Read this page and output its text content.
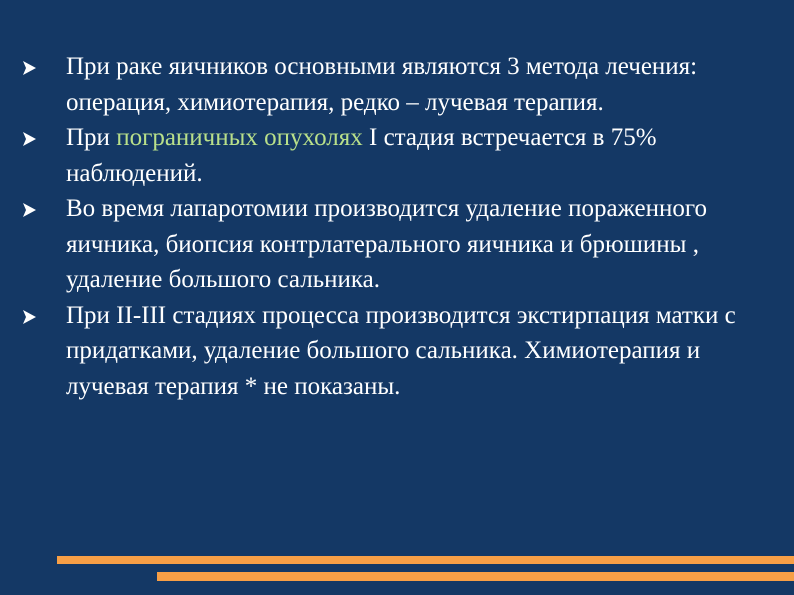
При раке яичников основными являются 3 метода лечения: операция, химиотерапия, редко – лучевая терапия.
При пограничных опухолях I стадия встречается в 75% наблюдений.
Во время лапаротомии производится удаление пораженного яичника, биопсия контрлатерального яичника и брюшины , удаление большого сальника.
При II-III стадиях процесса производится экстирпация матки с придатками, удаление большого сальника. Химиотерапия и лучевая терапия * не показаны.
